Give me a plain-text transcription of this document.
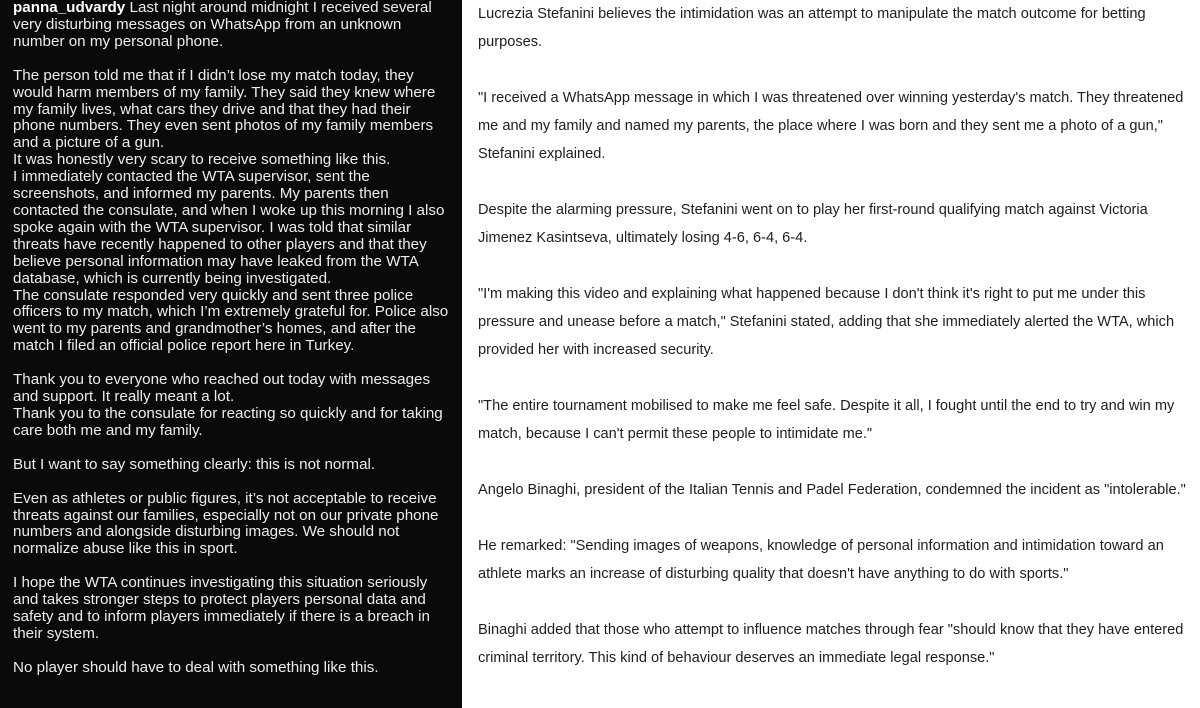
panna_udvardy Last night around midnight I received several very disturbing messages on WhatsApp from an unknown number on my personal phone.

The person told me that if I didn’t lose my match today, they would harm members of my family. They said they knew where my family lives, what cars they drive and that they had their phone numbers. They even sent photos of my family members and a picture of a gun.

It was honestly very scary to receive something like this.

I immediately contacted the WTA supervisor, sent the screenshots, and informed my parents. My parents then contacted the consulate, and when I woke up this morning I also spoke again with the WTA supervisor. I was told that similar threats have recently happened to other players and that they believe personal information may have leaked from the WTA database, which is currently being investigated.

The consulate responded very quickly and sent three police officers to my match, which I’m extremely grateful for. Police also went to my parents and grandmother’s homes, and after the match I filed an official police report here in Turkey.

Thank you to everyone who reached out today with messages and support. It really meant a lot.

Thank you to the consulate for reacting so quickly and for taking care both me and my family.

But I want to say something clearly: this is not normal.

Even as athletes or public figures, it’s not acceptable to receive threats against our families, especially not on our private phone numbers and alongside disturbing images. We should not normalize abuse like this in sport.

I hope the WTA continues investigating this situation seriously and takes stronger steps to protect players personal data and safety and to inform players immediately if there is a breach in their system.

No player should have to deal with something like this.

Lucrezia Stefanini believes the intimidation was an attempt to manipulate the match outcome for betting purposes.

"I received a WhatsApp message in which I was threatened over winning yesterday's match. They threatened me and my family and named my parents, the place where I was born and they sent me a photo of a gun," Stefanini explained.

Despite the alarming pressure, Stefanini went on to play her first-round qualifying match against Victoria Jimenez Kasintseva, ultimately losing 4-6, 6-4, 6-4.

"I'm making this video and explaining what happened because I don't think it's right to put me under this pressure and unease before a match," Stefanini stated, adding that she immediately alerted the WTA, which provided her with increased security.

"The entire tournament mobilised to make me feel safe. Despite it all, I fought until the end to try and win my match, because I can't permit these people to intimidate me."

Angelo Binaghi, president of the Italian Tennis and Padel Federation, condemned the incident as "intolerable."

He remarked: "Sending images of weapons, knowledge of personal information and intimidation toward an athlete marks an increase of disturbing quality that doesn't have anything to do with sports."

Binaghi added that those who attempt to influence matches through fear "should know that they have entered criminal territory. This kind of behaviour deserves an immediate legal response."
